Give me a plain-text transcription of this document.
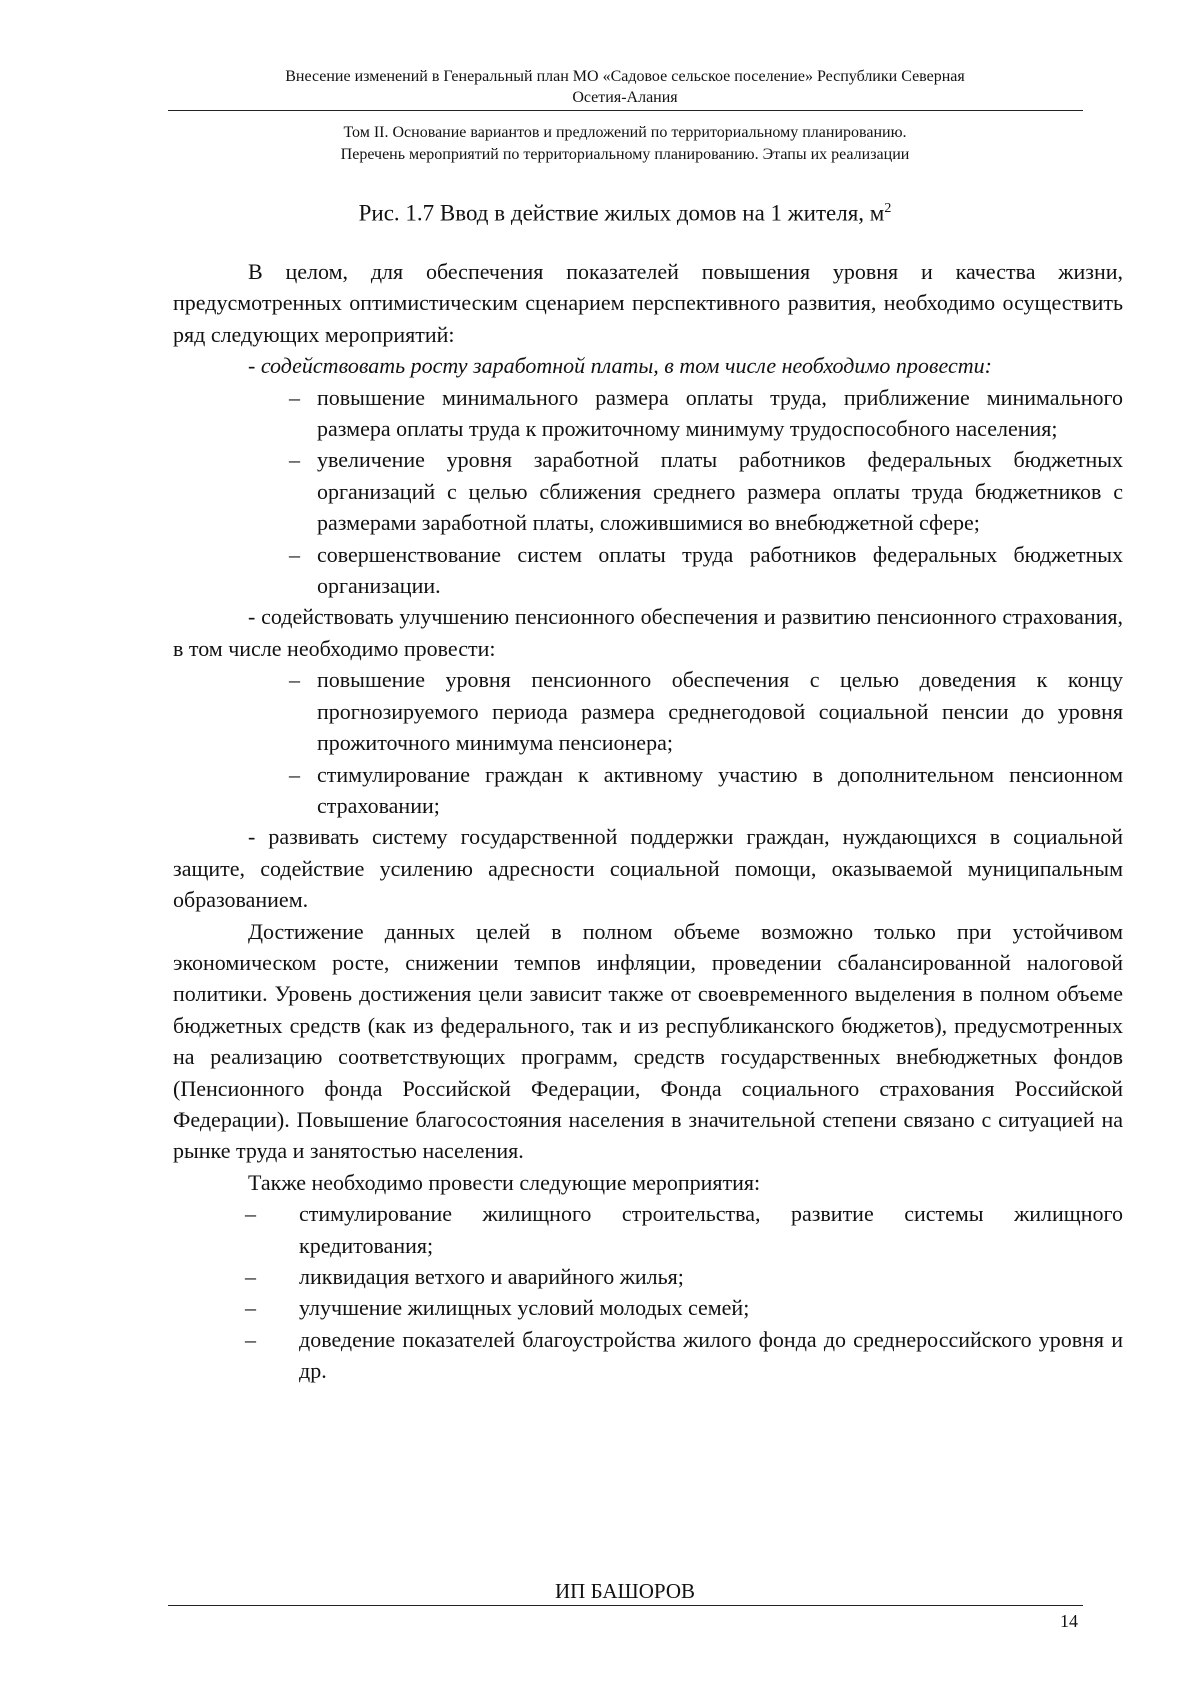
Внесение изменений в Генеральный план МО «Садовое сельское поселение» Республики Северная
Осетия-Алания
Том II. Основание вариантов и предложений по территориальному планированию.
Перечень мероприятий по территориальному планированию. Этапы их реализации
Рис. 1.7 Ввод в действие жилых домов на 1 жителя, $м^2$

В целом, для обеспечения показателей повышения уровня и качества жизни, предусмотренных оптимистическим сценарием перспективного развития, необходимо осуществить ряд следующих мероприятий:

- содействовать росту заработной платы, в том числе необходимо провести:

– повышение минимального размера оплаты труда, приближение минимального размера оплаты труда к прожиточному минимуму трудоспособного населения;

– увеличение уровня заработной платы работников федеральных бюджетных организаций с целью сближения среднего размера оплаты труда бюджетников с размерами заработной платы, сложившимися во внебюджетной сфере;

– совершенствование систем оплаты труда работников федеральных бюджетных организации.

- содействовать улучшению пенсионного обеспечения и развитию пенсионного страхования, в том числе необходимо провести:

– повышение уровня пенсионного обеспечения с целью доведения к концу прогнозируемого периода размера среднегодовой социальной пенсии до уровня прожиточного минимума пенсионера;

– стимулирование граждан к активному участию в дополнительном пенсионном страховании;

- развивать систему государственной поддержки граждан, нуждающихся в социальной защите, содействие усилению адресности социальной помощи, оказываемой муниципальным образованием.

Достижение данных целей в полном объеме возможно только при устойчивом экономическом росте, снижении темпов инфляции, проведении сбалансированной налоговой политики. Уровень достижения цели зависит также от своевременного выделения в полном объеме бюджетных средств (как из федерального, так и из республиканского бюджетов), предусмотренных на реализацию соответствующих программ, средств государственных внебюджетных фондов (Пенсионного фонда Российской Федерации, Фонда социального страхования Российской Федерации). Повышение благосостояния населения в значительной степени связано с ситуацией на рынке труда и занятостью населения.

Также необходимо провести следующие мероприятия:

– стимулирование жилищного строительства, развитие системы жилищного кредитования;

– ликвидация ветхого и аварийного жилья;

– улучшение жилищных условий молодых семей;

– доведение показателей благоустройства жилого фонда до среднероссийского уровня и др.

ИП БАШОРОВ
14
